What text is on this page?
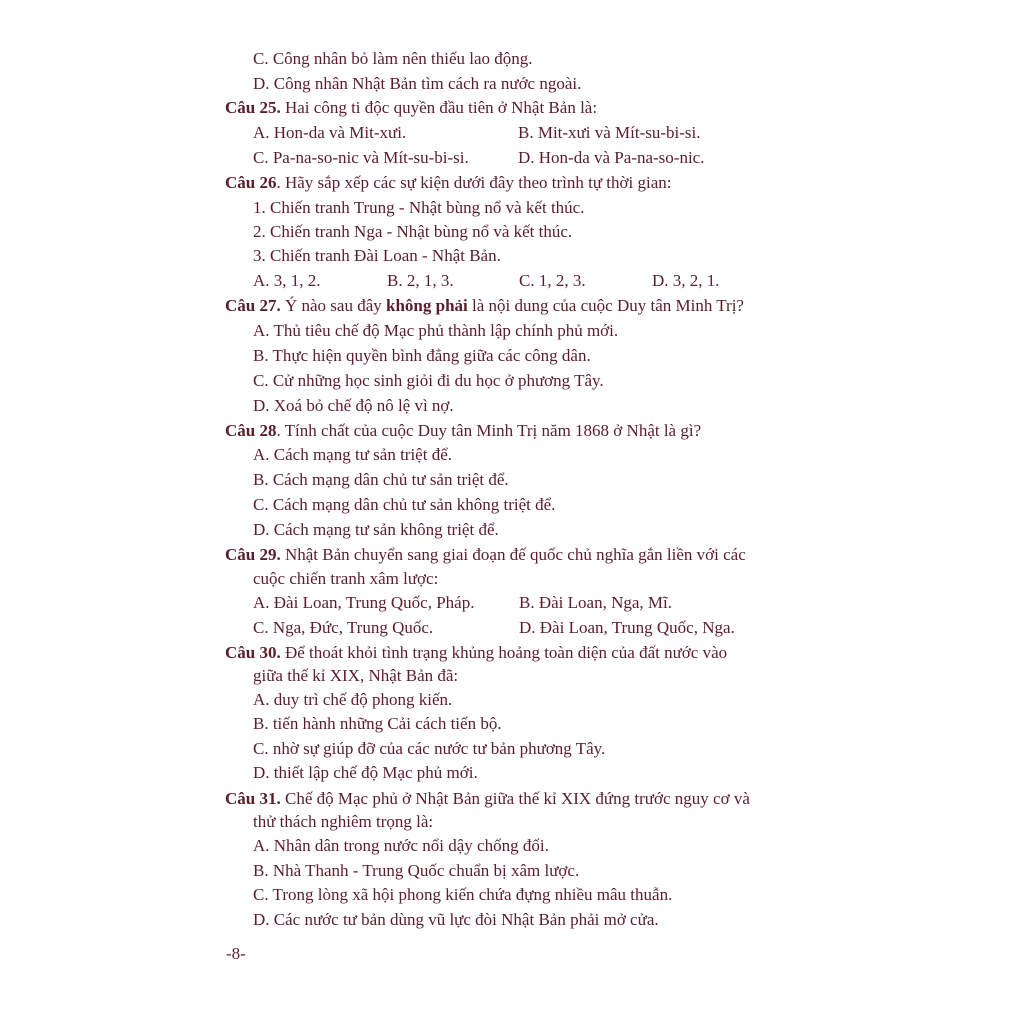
C. Công nhân bỏ làm nên thiếu lao động.
D. Công nhân Nhật Bản tìm cách ra nước ngoài.
Câu 25. Hai công ti độc quyền đầu tiên ở Nhật Bản là:
A. Hon-da và Mit-xưi.	B. Mit-xưi và Mít-su-bi-si.
C. Pa-na-so-nic và Mít-su-bi-si.	D. Hon-da và Pa-na-so-nic.
Câu 26. Hãy sắp xếp các sự kiện dưới đây theo trình tự thời gian:
1. Chiến tranh Trung - Nhật bùng nổ và kết thúc.
2. Chiến tranh Nga - Nhật bùng nổ và kết thúc.
3. Chiến tranh Đài Loan - Nhật Bản.
A. 3, 1, 2.	B. 2, 1, 3.	C. 1, 2, 3.	D. 3, 2, 1.
Câu 27. Ý nào sau đây không phải là nội dung của cuộc Duy tân Minh Trị?
A. Thủ tiêu chế độ Mạc phủ thành lập chính phủ mới.
B. Thực hiện quyền bình đẳng giữa các công dân.
C. Cử những học sinh giỏi đi du học ở phương Tây.
D. Xoá bỏ chế độ nô lệ vì nợ.
Câu 28. Tính chất của cuộc Duy tân Minh Trị năm 1868 ở Nhật là gì?
A. Cách mạng tư sản triệt để.
B. Cách mạng dân chủ tư sản triệt để.
C. Cách mạng dân chủ tư sản không triệt để.
D. Cách mạng tư sản không triệt để.
Câu 29. Nhật Bản chuyển sang giai đoạn đế quốc chủ nghĩa gắn liền với các
cuộc chiến tranh xâm lược:
A. Đài Loan, Trung Quốc, Pháp.	B. Đài Loan, Nga, Mĩ.
C. Nga, Đức, Trung Quốc.	D. Đài Loan, Trung Quốc, Nga.
Câu 30. Để thoát khỏi tình trạng khủng hoảng toàn diện của đất nước vào
giữa thế kỉ XIX, Nhật Bản đã:
A. duy trì chế độ phong kiến.
B. tiến hành những Cải cách tiến bộ.
C. nhờ sự giúp đỡ của các nước tư bản phương Tây.
D. thiết lập chế độ Mạc phủ mới.
Câu 31. Chế độ Mạc phủ ở Nhật Bản giữa thế kỉ XIX đứng trước nguy cơ và
thử thách nghiêm trọng là:
A. Nhân dân trong nước nổi dậy chống đối.
B. Nhà Thanh - Trung Quốc chuẩn bị xâm lược.
C. Trong lòng xã hội phong kiến chứa đựng nhiều mâu thuẫn.
D. Các nước tư bản dùng vũ lực đòi Nhật Bản phải mở cửa.
-8-
